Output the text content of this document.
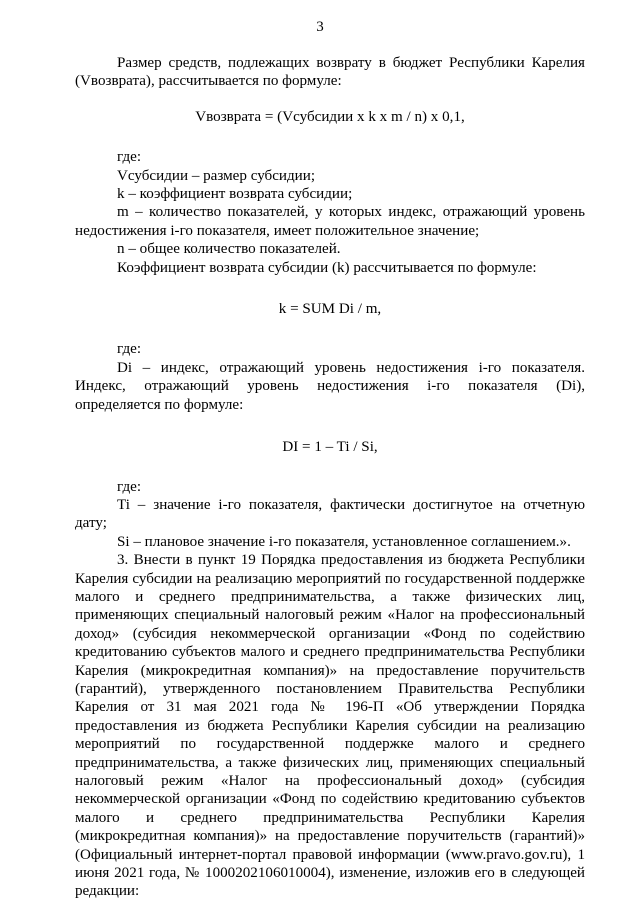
3

Размер средств, подлежащих возврату в бюджет Республики Карелия (Vвозврата), рассчитывается по формуле:

Vвозврата = (Vсубсидии х k х m / n) х 0,1,

где:

Vсубсидии – размер субсидии;

k – коэффициент возврата субсидии;

m – количество показателей, у которых индекс, отражающий уровень недостижения i-го показателя, имеет положительное значение;

n – общее количество показателей.

Коэффициент возврата субсидии (k) рассчитывается по формуле:

k = SUM Di / m,

где:

Di – индекс, отражающий уровень недостижения i-го показателя. Индекс, отражающий уровень недостижения i-го показателя (Di), определяется по формуле:

DI = 1 – Ti / Si,

где:

Ti – значение i-го показателя, фактически достигнутое на отчетную дату;

Si – плановое значение i-го показателя, установленное соглашением.».

3. Внести в пункт 19 Порядка предоставления из бюджета Республики Карелия субсидии на реализацию мероприятий по государственной поддержке малого и среднего предпринимательства, а также физических лиц, применяющих специальный налоговый режим «Налог на профессиональный доход» (субсидия некоммерческой организации «Фонд по содействию кредитованию субъектов малого и среднего предпринимательства Республики Карелия (микрокредитная компания)» на предоставление поручительств (гарантий), утвержденного постановлением Правительства Республики Карелия от 31 мая 2021 года № 196-П «Об утверждении Порядка предоставления из бюджета Республики Карелия субсидии на реализацию мероприятий по государственной поддержке малого и среднего предпринимательства, а также физических лиц, применяющих специальный налоговый режим «Налог на профессиональный доход» (субсидия некоммерческой организации «Фонд по содействию кредитованию субъектов малого и среднего предпринимательства Республики Карелия (микрокредитная компания)» на предоставление поручительств (гарантий)» (Официальный интернет-портал правовой информации (www.pravo.gov.ru), 1 июня 2021 года, № 1000202106010004), изменение, изложив его в следующей редакции:
